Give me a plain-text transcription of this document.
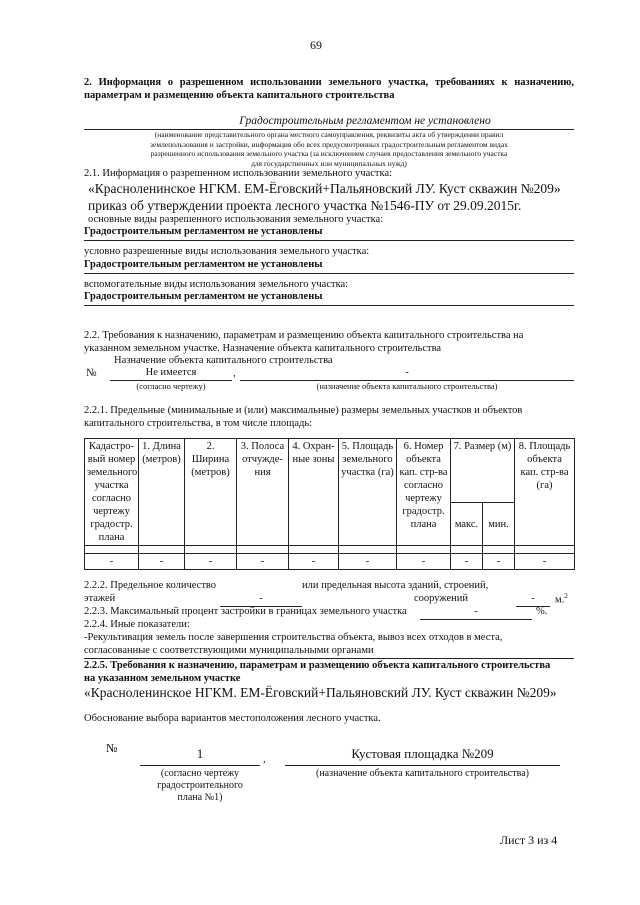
69
2. Информация о разрешенном использовании земельного участка, требованиях к назначению, параметрам и размещению объекта капитального строительства
Градостроительным регламентом не установлено
(наименование представительного органа местного самоуправления, реквизиты акта об утверждении правил
землепользования и застройки, информация обо всех предусмотренных градостроительным регламентом видах
разрешенного использования земельного участка (за исключением случаев предоставления земельного участка
для государственных или муниципальных нужд)
2.1. Информация о разрешенном использовании земельного участка:
«Красноленинское НГКМ. ЕМ-Ёговский+Пальяновский ЛУ. Куст скважин №209»
приказ об утверждении проекта лесного участка №1546-ПУ от 29.09.2015г.
основные виды разрешенного использования земельного участка:
Градостроительным регламентом не установлены
условно разрешенные виды использования земельного участка:
Градостроительным регламентом не установлены
вспомогательные виды использования земельного участка:
Градостроительным регламентом не установлены
2.2. Требования к назначению, параметрам и размещению объекта капитального строительства на
указанном земельном участке. Назначение объекта капитального строительства
Назначение объекта капитального строительства
№	Не имеется	,	-
(согласно чертежу)	(назначение объекта капитального строительства)
2.2.1. Предельные (минимальные и (или) максимальные) размеры земельных участков и объектов
капитального строительства, в том числе площадь:
Кадастро-вый номер земельного участка согласно чертежу градостр. плана	1. Длина (метров)	2. Ширина (метров)	3. Полоса отчужде-ния	4. Охран-ные зоны	5. Площадь земельного участка (га)	6. Номер объекта кап. стр-ва согласно чертежу градостр. плана	7. Размер (м)		8. Площадь объекта кап. стр-ва (га)
							макс.	мин.	

-	-	-	-	-	-	-	-	-	-
2.2.2. Предельное количество	или предельная высота зданий, строений,
этажей	-	сооружений	-	м.$^2$
2.2.3. Максимальный процент застройки в границах земельного участка	-	%.
2.2.4. Иные показатели:
-Рекультивация земель после завершения строительства объекта, вывоз всех отходов в места,
согласованные с соответствующими муниципальными органами
2.2.5. Требования к назначению, параметрам и размещению объекта капитального строительства
на указанном земельном участке
«Красноленинское НГКМ. ЕМ-Ёговский+Пальяновский ЛУ. Куст скважин №209»
Обоснование выбора вариантов местоположения лесного участка.
№	1	,	Кустовая площадка №209
(согласно чертежу
градостроительного
плана №1)
(назначение объекта капитального строительства)
Лист 3 из 4
